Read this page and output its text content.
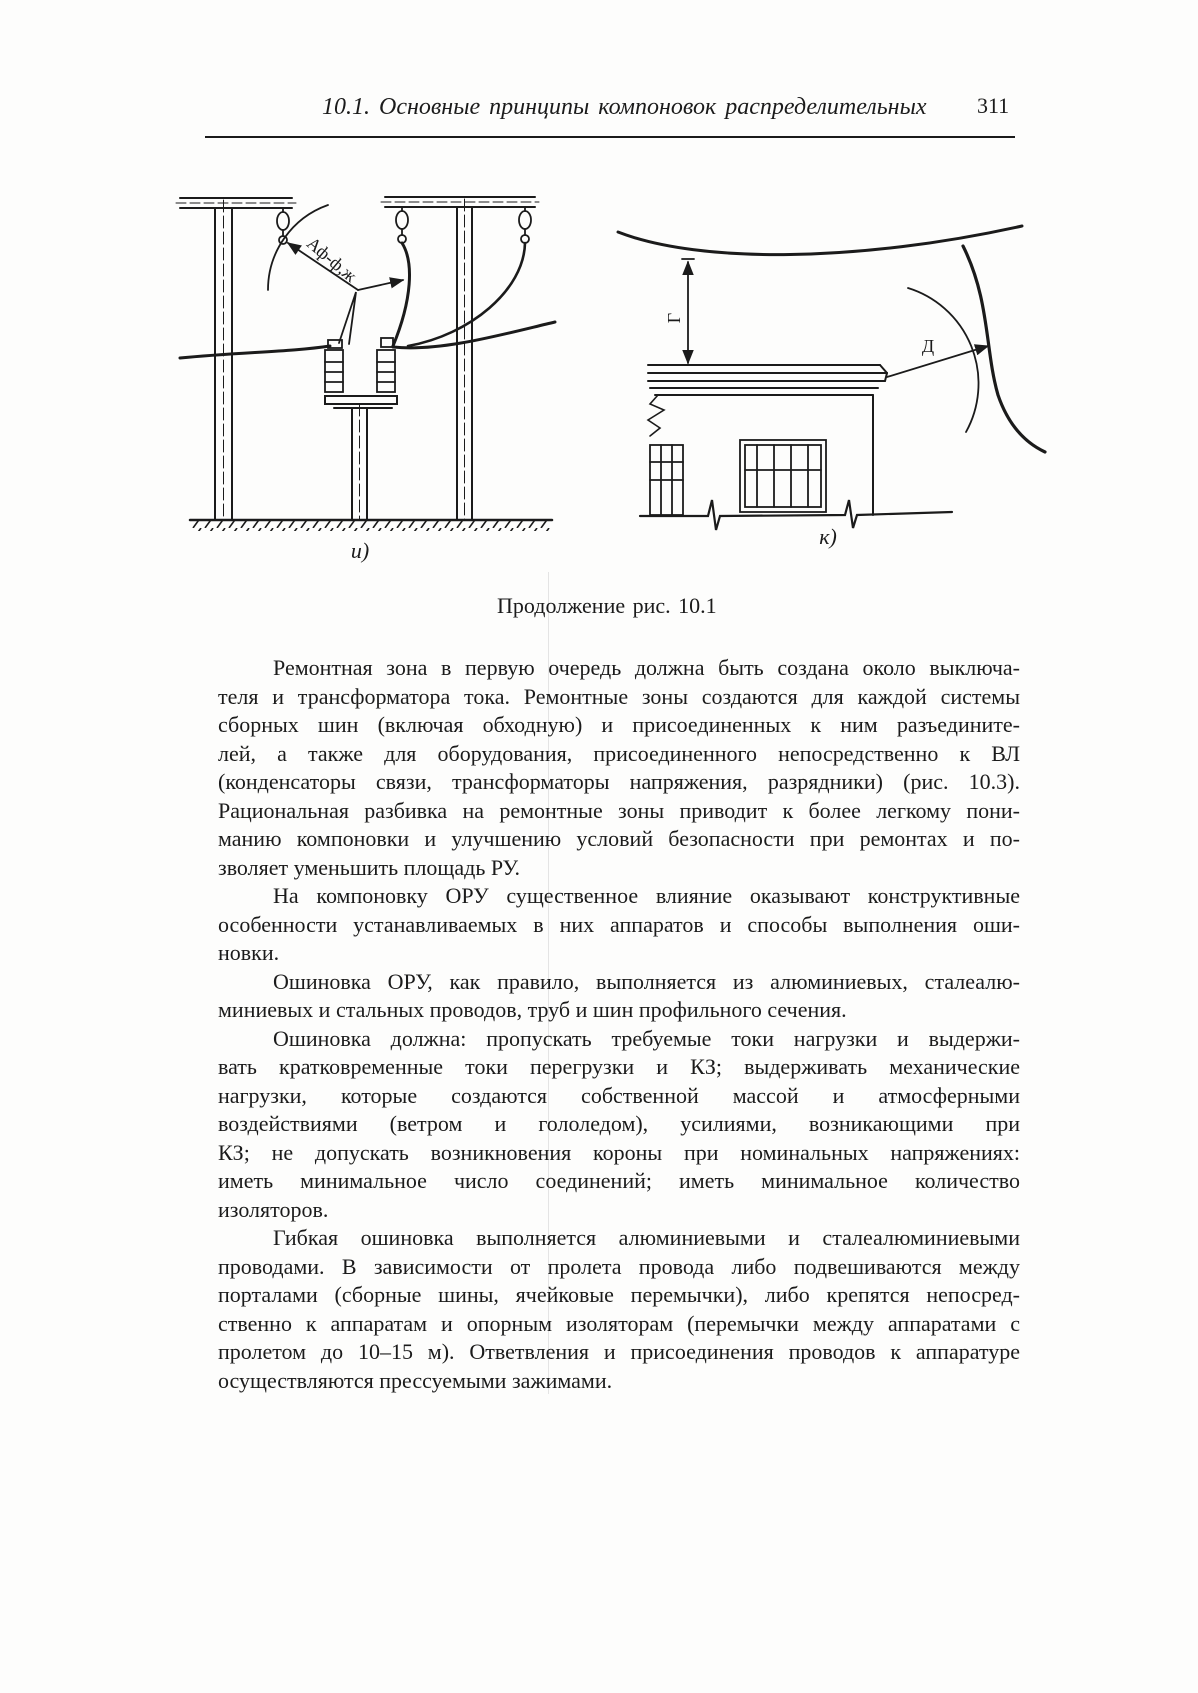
10.1. Основные принципы компоновок распределительных 311
Аф-ф,ж
и)
Г
Д
к)
Продолжение рис. 10.1
Ремонтная зона в первую очередь должна быть создана около выключа-
теля и трансформатора тока. Ремонтные зоны создаются для каждой системы
сборных шин (включая обходную) и присоединенных к ним разъедините-
лей, а также для оборудования, присоединенного непосредственно к ВЛ
(конденсаторы связи, трансформаторы напряжения, разрядники) (рис. 10.3).
Рациональная разбивка на ремонтные зоны приводит к более легкому пони-
манию компоновки и улучшению условий безопасности при ремонтах и по-
зволяет уменьшить площадь РУ.
На компоновку ОРУ существенное влияние оказывают конструктивные
особенности устанавливаемых в них аппаратов и способы выполнения оши-
новки.
Ошиновка ОРУ, как правило, выполняется из алюминиевых, сталеалю-
миниевых и стальных проводов, труб и шин профильного сечения.
Ошиновка должна: пропускать требуемые токи нагрузки и выдержи-
вать кратковременные токи перегрузки и КЗ; выдерживать механические
нагрузки, которые создаются собственной массой и атмосферными
воздействиями (ветром и гололедом), усилиями, возникающими при
КЗ; не допускать возникновения короны при номинальных напряжениях:
иметь минимальное число соединений; иметь минимальное количество
изоляторов.
Гибкая ошиновка выполняется алюминиевыми и сталеалюминиевыми
проводами. В зависимости от пролета провода либо подвешиваются между
порталами (сборные шины, ячейковые перемычки), либо крепятся непосред-
ственно к аппаратам и опорным изоляторам (перемычки между аппаратами с
пролетом до 10–15 м). Ответвления и присоединения проводов к аппаратуре
осуществляются прессуемыми зажимами.
